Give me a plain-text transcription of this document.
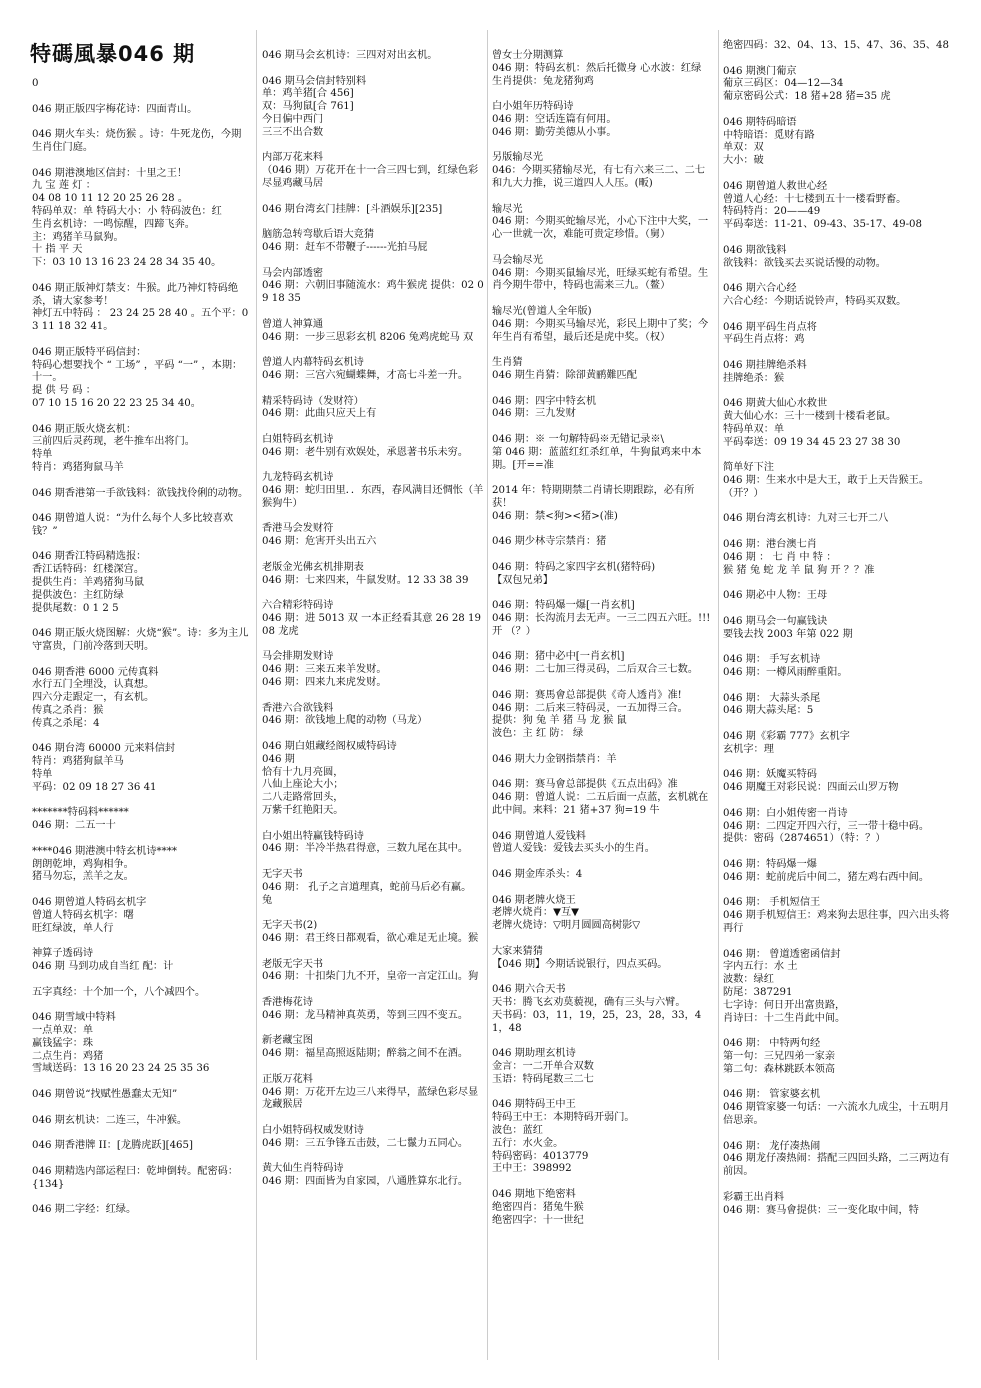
特碼風暴046 期
0
046 期正版四字梅花诗：四面青山。
046 期火车头：烧伤猴 。诗：牛死龙伤，今期生肖住门庭。
046 期港澳地区信封：十里之王！
九 宝 莲 灯 ：
04 08 10 11 12 20 25 26 28 。
特码单双：单 特码大小：小 特码波色：红
生肖玄机诗：一鸣惊醒，四蹄飞奔。
主：鸡猪羊马鼠狗。
十 指 平 天
下：03 10 13 16 23 24 28 34 35 40。
046 期正版神灯禁支：牛猴。此乃神灯特码绝杀，请大家参考！
神灯五中特码 ： 23 24 25 28 40 。五个平：03 11 18 32 41。
046 期正版特平码信封：
特码心想要找个 “ 工场” ，平码 “一” ，本期：十一。
提 供 号 码 ：
07 10 15 16 20 22 23 25 34 40。
046 期正版火烧玄机：
三前四后灵药现，老牛推车出将门。
特单
特肖：鸡猪狗鼠马羊
046 期香港第一手欲钱料：欲钱找伶俐的动物。
046 期曾道人说：“为什么每个人多比较喜欢钱？”
046 期香江特码精选报：
香江话特码：红楼深宫。
提供生肖：羊鸡猪狗马鼠
提供波色：主红防绿
提供尾数：0 1 2 5
046 期正版火烧图解：火烧“猴”。诗：多为主儿守富贵，门前冷落到天明。
046 期香港 6000 元传真料
水行五门全埋没，认真想。
四六分走跟定一，有玄机。
传真之杀肖：猴
传真之杀尾：4
046 期台湾 60000 元来料信封
特肖：鸡猪狗鼠羊马
特单
平码：02 09 18 27 36 41
*******特码料******
046 期：二五一十
****046 期港澳中特玄机诗****
朗朗乾坤，鸡狗相争。
猪马勿忘，羔羊之友。
046 期曾道人特码玄机字
曾道人特码玄机字：曙
旺红绿波，单人行
神算子透码诗
046 期 马到功成自当红 配：计
五字真经：十个加一个，八个减四个。
046 期雪域中特料
一点单双：单
赢钱猛字：珠
二点生肖：鸡猪
雪域送码：13 16 20 23 24 25 35 36
046 期曾说“找赋性愚蠢太无知”
046 期玄机诀：二连三，牛冲猴。
046 期香港牌 II：[龙腾虎跃][465]
046 期精选内部运程曰：乾坤倒转。配密码：{134}
046 期二字经：红绿。
046 期马会玄机诗：三四对对出玄机。
046 期马会信封特别料
单：鸡羊猪[合 456]
双：马狗鼠[合 761]
今日偏中西门
三三不出合数
内部万花来料
（046 期）万花开在十一合三四七到，红绿色彩尽显鸡藏马居
046 期台湾玄门挂牌：[斗酒娱乐][235]
脑筋急转弯歇后语大竞猜
046 期：赶车不带鞭子------光拍马屁
马会内部透密
046 期：六朝旧事随流水：鸡牛猴虎 提供：02 09 18 35
曾道人神算通
046 期：一步三思彩玄机 8206 兔鸡虎蛇马 双
曾道人内幕特码玄机诗
046 期：三宫六宛蝴蝶舞，才高七斗差一升。
精采特码诗（发财符）
046 期：此曲只应天上有
白姐特码玄机诗
046 期：老牛别有欢娱处，承恩著书乐未穷。
九龙特码玄机诗
046 期：蛇归田里．．东西，春风满目还惆怅（羊猴狗牛）
香港马会发财符
046 期：危害开头出五六
老版金光佛玄机排期表
046 期：七来四来，牛鼠发财。12 33 38 39
六合精彩特码诗
046 期：进 5013 双 一本正经看其意 26 28 19 08 龙虎
马会排期发财诗
046 期：三来五来羊发财。
046 期：四来九来虎发财。
香港六合欲钱料
046 期：欲钱地上爬的动物（马龙）
046 期白姐藏经阁权威特码诗
046 期
恰有十九月亮圆，
八仙上座论大小；
二八走路常回头，
万紫千红艳阳天。
白小姐出特赢钱特码诗
046 期：半冷半热君得意，三数九尾在其中。
无字天书
046 期： 孔子之言道理真，蛇前马后必有赢。 兔
无字天书(2)
046 期：君王终日都观看，欲心难足无止境。猴
老版无字天书
046 期：十扣柴门九不开，皇帝一言定江山。狗
香港梅花诗
046 期：龙马精神真英勇，等到三四不变五。
新老藏宝图
046 期：福星高照返陆期；醉翁之间不在酒。
正版万花料
046 期：万花开左边三八来得早，蓝绿色彩尽显龙藏猴居
白小姐特码权威发财诗
046 期：三五争锋五击鼓，二七鬣力五同心。
黄大仙生肖特码诗
046 期：四面皆为自家园，八通胜算东北行。
曾女士分期测算
046 期：特码玄机：然后托微身 心水波：红绿 生肖提供：兔龙猪狗鸡
白小姐年历特码诗
046 期：空话连篇有何用。
046 期：勤劳美德从小事。
另版输尽光
046：今期买猪输尽光，有七有六来三二、二七和九大力推，说三道四人人压。(畈)
输尽光
046 期：今期买蛇输尽光，小心下注中大奖，一心一世就一次，难能可贵定珍惜。（舅）
马会输尽光
046 期：今期买鼠输尽光，旺绿买蛇有希望。生肖今期牛带中，特码也需来三九。（鳌）
输尽光(曾道人全年版)
046 期：今期买马输尽光，彩民上期中了奖；今年生肖有希望，最后还是虎中奖。（权）
生肖猜
046 期生肖猜：除卻黄鹂難匹配
046 期：四字中特玄机
046 期：三九发财
046 期：※ 一句解特码※无错记录※\
第 046 期：蓝蓝红红杀红单，牛狗鼠鸡来中本期。[开==准
2014 年：特期期禁二肖请长期跟踪，必有所获！
046 期：禁<狗><猪>(准)
046 期少林寺宗禁肖：猪
046 期：特码之家四字玄机(猪特码)
【双包兄弟】
046 期：特码爆一爆[一肖玄机]
046 期：长沟流月去无声。一三二四五六旺。!!! 开 （？）
046 期：猪中必中[一肖玄机]
046 期：二七加三得灵码，二后双合三七数。
046 期：赛馬會总部提供《奇人透肖》准!
046 期：二后来三特码灵，一五加得三合。
提供：狗 兔 羊 猪 马 龙 猴 鼠
波色：主 红 防： 绿
046 期大力金钢指禁肖：羊
046 期：赛马會总部提供《五点出码》准
046 期：曾道人说：二五后面一点蓝，玄机就在此中间。来料：21 猪+37 狗=19 牛
046 期曾道人爱钱料
曾道人爱钱：爱钱去买头小的生肖。
046 期金库杀头：4
046 期老牌火烧王
老牌火烧肖：▼互▼
老牌火烧诗：▽明月圆圆高树影▽
大家来猜猜
【046 期】今期话说银行，四点买码。
046 期六合天书
天书：腾飞玄劝莫藐视，确有三头与六臂。
天书码：03，11，19，25，23，28，33，41，48
046 期助理玄机诗
金言：一二开单合双数
玉语：特码尾数三二七
046 期特码王中王
特码王中王：本期特码开弱门。
波色：蓝红
五行：水火金。
特码密码：4013779
王中王：398992
046 期地下绝密料
绝密四肖：猪兔牛猴
绝密四字：十一世纪
绝密四码：32、04、13、15、47、36、35、48
046 期澳门葡京
葡京三码区：04—12—34
葡京密码公式：18 猪+28 猪=35 虎
046 期特码暗语
中特暗语：觅财有路
单双：双
大小：破
046 期曾道人救世心经
曾道人心经：十七楼到五十一楼看野畜。
特码特肖：20——49
平码奉送：11-21、09-43、35-17、49-08
046 期欲钱料
欲钱料：欲钱买去买说话慢的动物。
046 期六合心经
六合心经：今期话说铃声，特码买双数。
046 期平码生肖点将
平码生肖点将：鸡
046 期挂牌绝杀料
挂牌绝杀：猴
046 期黄大仙心水救世
黄大仙心水：三十一楼到十楼看老鼠。
特码单双：单
平码奉送：09 19 34 45 23 27 38 30
简单好下注
046 期：生来水中是大王，敢于上天告猴王。（开？）
046 期台湾玄机诗：九对三七开二八
046 期：港台澳七肖
046 期 ： 七 肖 中 特 ：
猴 猪 兔 蛇 龙 羊 鼠 狗 开 ？？准
046 期必中人物：王母
046 期马会一句赢钱诀
要钱去找 2003 年第 022 期
046 期： 手写玄机诗
046 期：一樽风雨醉重阳。
046 期： 大蒜头杀尾
046 期大蒜头尾：5
046 期《彩霸 777》玄机字
玄机字：理
046 期：妖魔买特码
046 期魔王对彩民说：四面云山罗万物
046 期：白小姐传密一肖诗
046 期：二四定开四六行，三一带十稳中码。
提供：密码（2874651）（特：？）
046 期：特码爆一爆
046 期：蛇前虎后中间二，猪左鸡右西中间。
046 期： 手机短信王
046 期手机短信王：鸡来狗去思往事，四六出头将再行
046 期： 曾道透密函信封
字内五行：水 土
波数：绿红
防尾：387291
七字诗：何日开出富贵路，
肖诗曰：十二生肖此中间。
046 期： 中特两句经
第一句：三兄四弟一家亲
第二句：森林跳跃本领高
046 期： 管家婆玄机
046 期管家婆一句话：一六流水九成尘，十五明月倍思亲。
046 期： 龙仔凑热闹
046 期龙仔凑热闹：搭配三四回头路，二三两边有前因。
彩霸王出肖料
046 期：赛马會提供：三一变化取中间，特
